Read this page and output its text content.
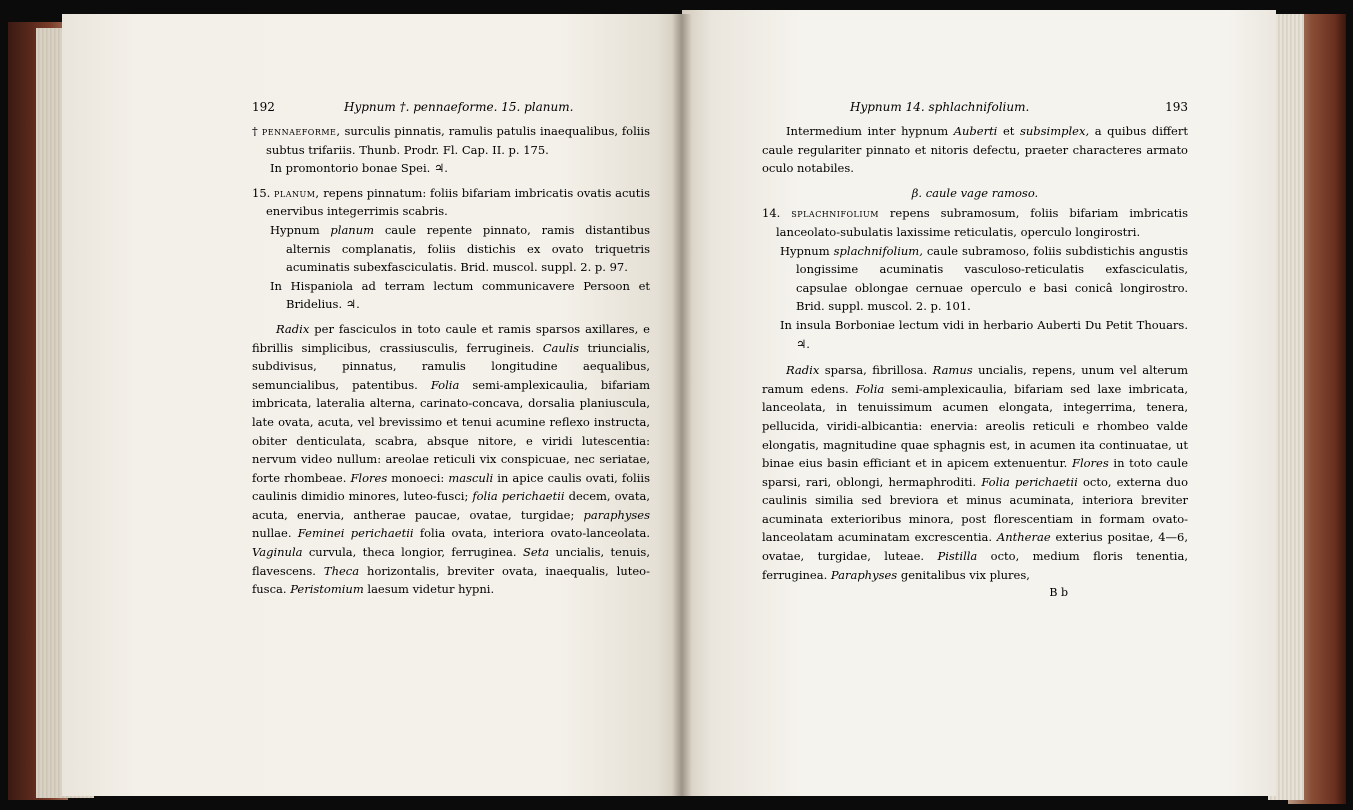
192	Hypnum †. pennaeforme. 15. planum.

† pennaeforme, surculis pinnatis, ramulis patulis inaequalibus, foliis subtus trifariis. Thunb. Prodr. Fl. Cap. II. p. 175.

In promontorio bonae Spei. ♃.

15. planum, repens pinnatum: foliis bifariam imbricatis ovatis acutis enervibus integerrimis scabris.

Hypnum planum caule repente pinnato, ramis distantibus alternis complanatis, foliis distichis ex ovato triquetris acuminatis subexfasciculatis. Brid. muscol. suppl. 2. p. 97.

In Hispaniola ad terram lectum communicavere Persoon et Bridelius. ♃.

Radix per fasciculos in toto caule et ramis sparsos axillares, e fibrillis simplicibus, crassiusculis, ferrugineis. Caulis triuncialis, subdivisus, pinnatus, ramulis longitudine aequalibus, semuncialibus, patentibus. Folia semi-amplexicaulia, bifariam imbricata, lateralia alterna, carinato-concava, dorsalia planiuscula, late ovata, acuta, vel brevissimo et tenui acumine reflexo instructa, obiter denticulata, scabra, absque nitore, e viridi lutescentia: nervum video nullum: areolae reticuli vix conspicuae, nec seriatae, forte rhombeae. Flores monoeci: masculi in apice caulis ovati, foliis caulinis dimidio minores, luteo-fusci; folia perichaetii decem, ovata, acuta, enervia, antherae paucae, ovatae, turgidae; paraphyses nullae. Feminei perichaetii folia ovata, interiora ovato-lanceolata. Vaginula curvula, theca longior, ferruginea. Seta uncialis, tenuis, flavescens. Theca horizontalis, breviter ovata, inaequalis, luteo-fusca. Peristomium laesum videtur hypni.

Hypnum 14. sphlachnifolium.	193

Intermedium inter hypnum Auberti et subsimplex, a quibus differt caule regulariter pinnato et nitoris defectu, praeter characteres armato oculo notabiles.

β. caule vage ramoso.

14. splachnifolium repens subramosum, foliis bifariam imbricatis lanceolato-subulatis laxissime reticulatis, operculo longirostri.

Hypnum splachnifolium, caule subramoso, foliis subdistichis angustis longissime acuminatis vasculoso-reticulatis exfasciculatis, capsulae oblongae cernuae operculo e basi conicâ longirostro. Brid. suppl. muscol. 2. p. 101.

In insula Borboniae lectum vidi in herbario Auberti Du Petit Thouars. ♃.

Radix sparsa, fibrillosa. Ramus uncialis, repens, unum vel alterum ramum edens. Folia semi-amplexicaulia, bifariam sed laxe imbricata, lanceolata, in tenuissimum acumen elongata, integerrima, tenera, pellucida, viridi-albicantia: enervia: areolis reticuli e rhombeo valde elongatis, magnitudine quae sphagnis est, in acumen ita continuatae, ut binae eius basin efficiant et in apicem extenuentur. Flores in toto caule sparsi, rari, oblongi, hermaphroditi. Folia perichaetii octo, externa duo caulinis similia sed breviora et minus acuminata, interiora breviter acuminata exterioribus minora, post florescentiam in formam ovato-lanceolatam acuminatam excrescentia. Antherae exterius positae, 4—6, ovatae, turgidae, luteae. Pistilla octo, medium floris tenentia, ferruginea. Paraphyses genitalibus vix plures,

B b
